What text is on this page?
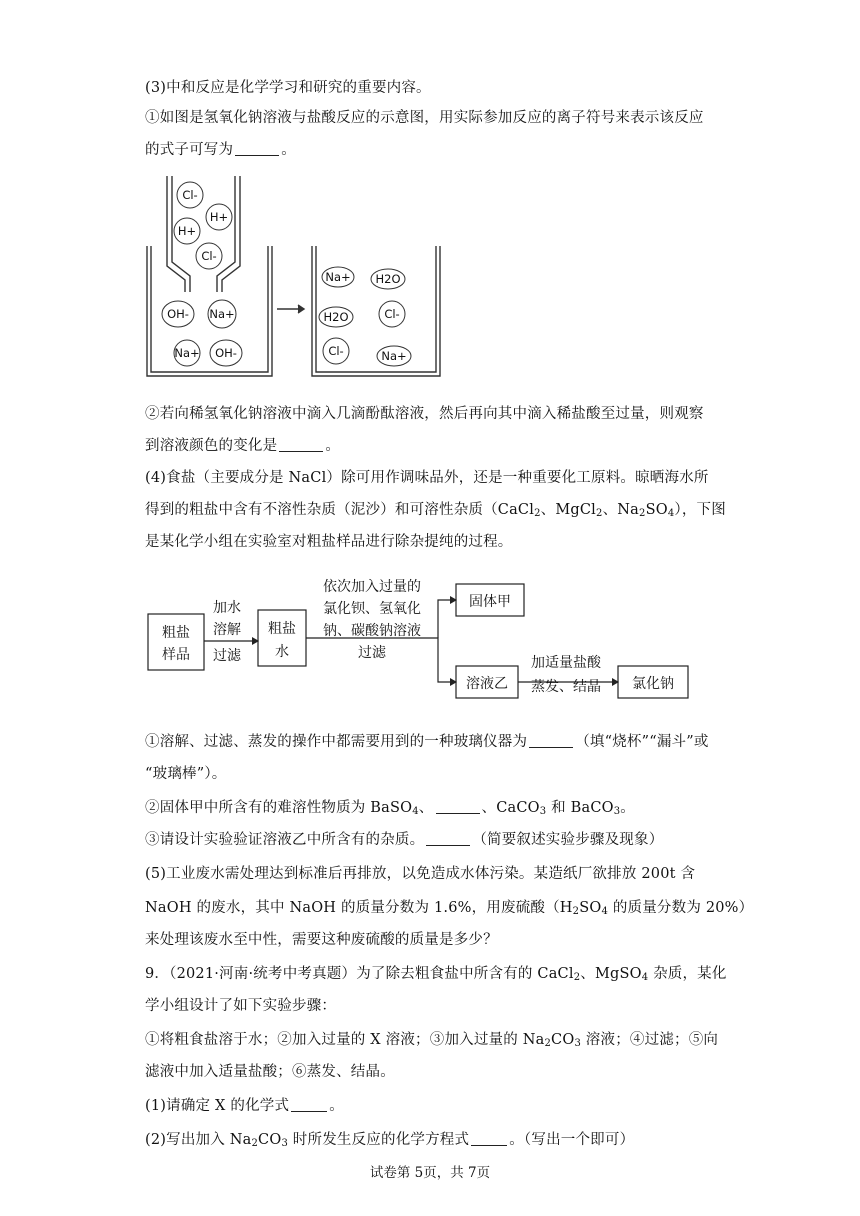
(3)中和反应是化学学习和研究的重要内容。
①如图是氢氧化钠溶液与盐酸反应的示意图，用实际参加反应的离子符号来表示该反应
的式子可写为	。
Cl-
H+
H+
Cl-
OH- Na+
Na+ OH-
Na+ H2O
H2O	Cl-
Cl-	Na+
②若向稀氢氧化钠溶液中滴入几滴酚酞溶液，然后再向其中滴入稀盐酸至过量，则观察
到溶液颜色的变化是	。
(4)食盐（主要成分是 NaCl）除可用作调味品外，还是一种重要化工原料。晾晒海水所
得到的粗盐中含有不溶性杂质（泥沙）和可溶性杂质（CaCl$_2$、MgCl$_2$、$Na_2SO_4$），下图
是某化学小组在实验室对粗盐样品进行除杂提纯的过程。
粗盐
样品
加水
溶解
过滤
粗盐
水
依次加入过量的
氯化钡、氢氧化
钠、碳酸钠溶液
过滤
固体甲
溶液乙
加适量盐酸
蒸发、结晶 氯化钠
①溶解、过滤、蒸发的操作中都需要用到的一种玻璃仪器为	（填“烧杯”“漏斗”或
“玻璃棒”）。
②固体甲中所含有的难溶性物质为 BaSO$_4$、	、CaCO$_3$ 和 BaCO$_3$。
③请设计实验验证溶液乙中所含有的杂质。	（简要叙述实验步骤及现象）
(5)工业废水需处理达到标准后再排放，以免造成水体污染。某造纸厂欲排放 200t 含
NaOH 的废水，其中 NaOH 的质量分数为 1.6%，用废硫酸（$H_2SO_4$ 的质量分数为 20%）
来处理该废水至中性，需要这种废硫酸的质量是多少？
9．（2021·河南·统考中考真题）为了除去粗食盐中所含有的 CaCl$_2$、MgSO$_4$ 杂质，某化
学小组设计了如下实验步骤：
①将粗食盐溶于水；②加入过量的 X 溶液；③加入过量的 $Na_2CO_3$ 溶液；④过滤；⑤向
滤液中加入适量盐酸；⑥蒸发、结晶。
(1)请确定 X 的化学式	。
(2)写出加入 $Na_2CO_3$ 时所发生反应的化学方程式	。（写出一个即可）
试卷第 5页，共 7页
